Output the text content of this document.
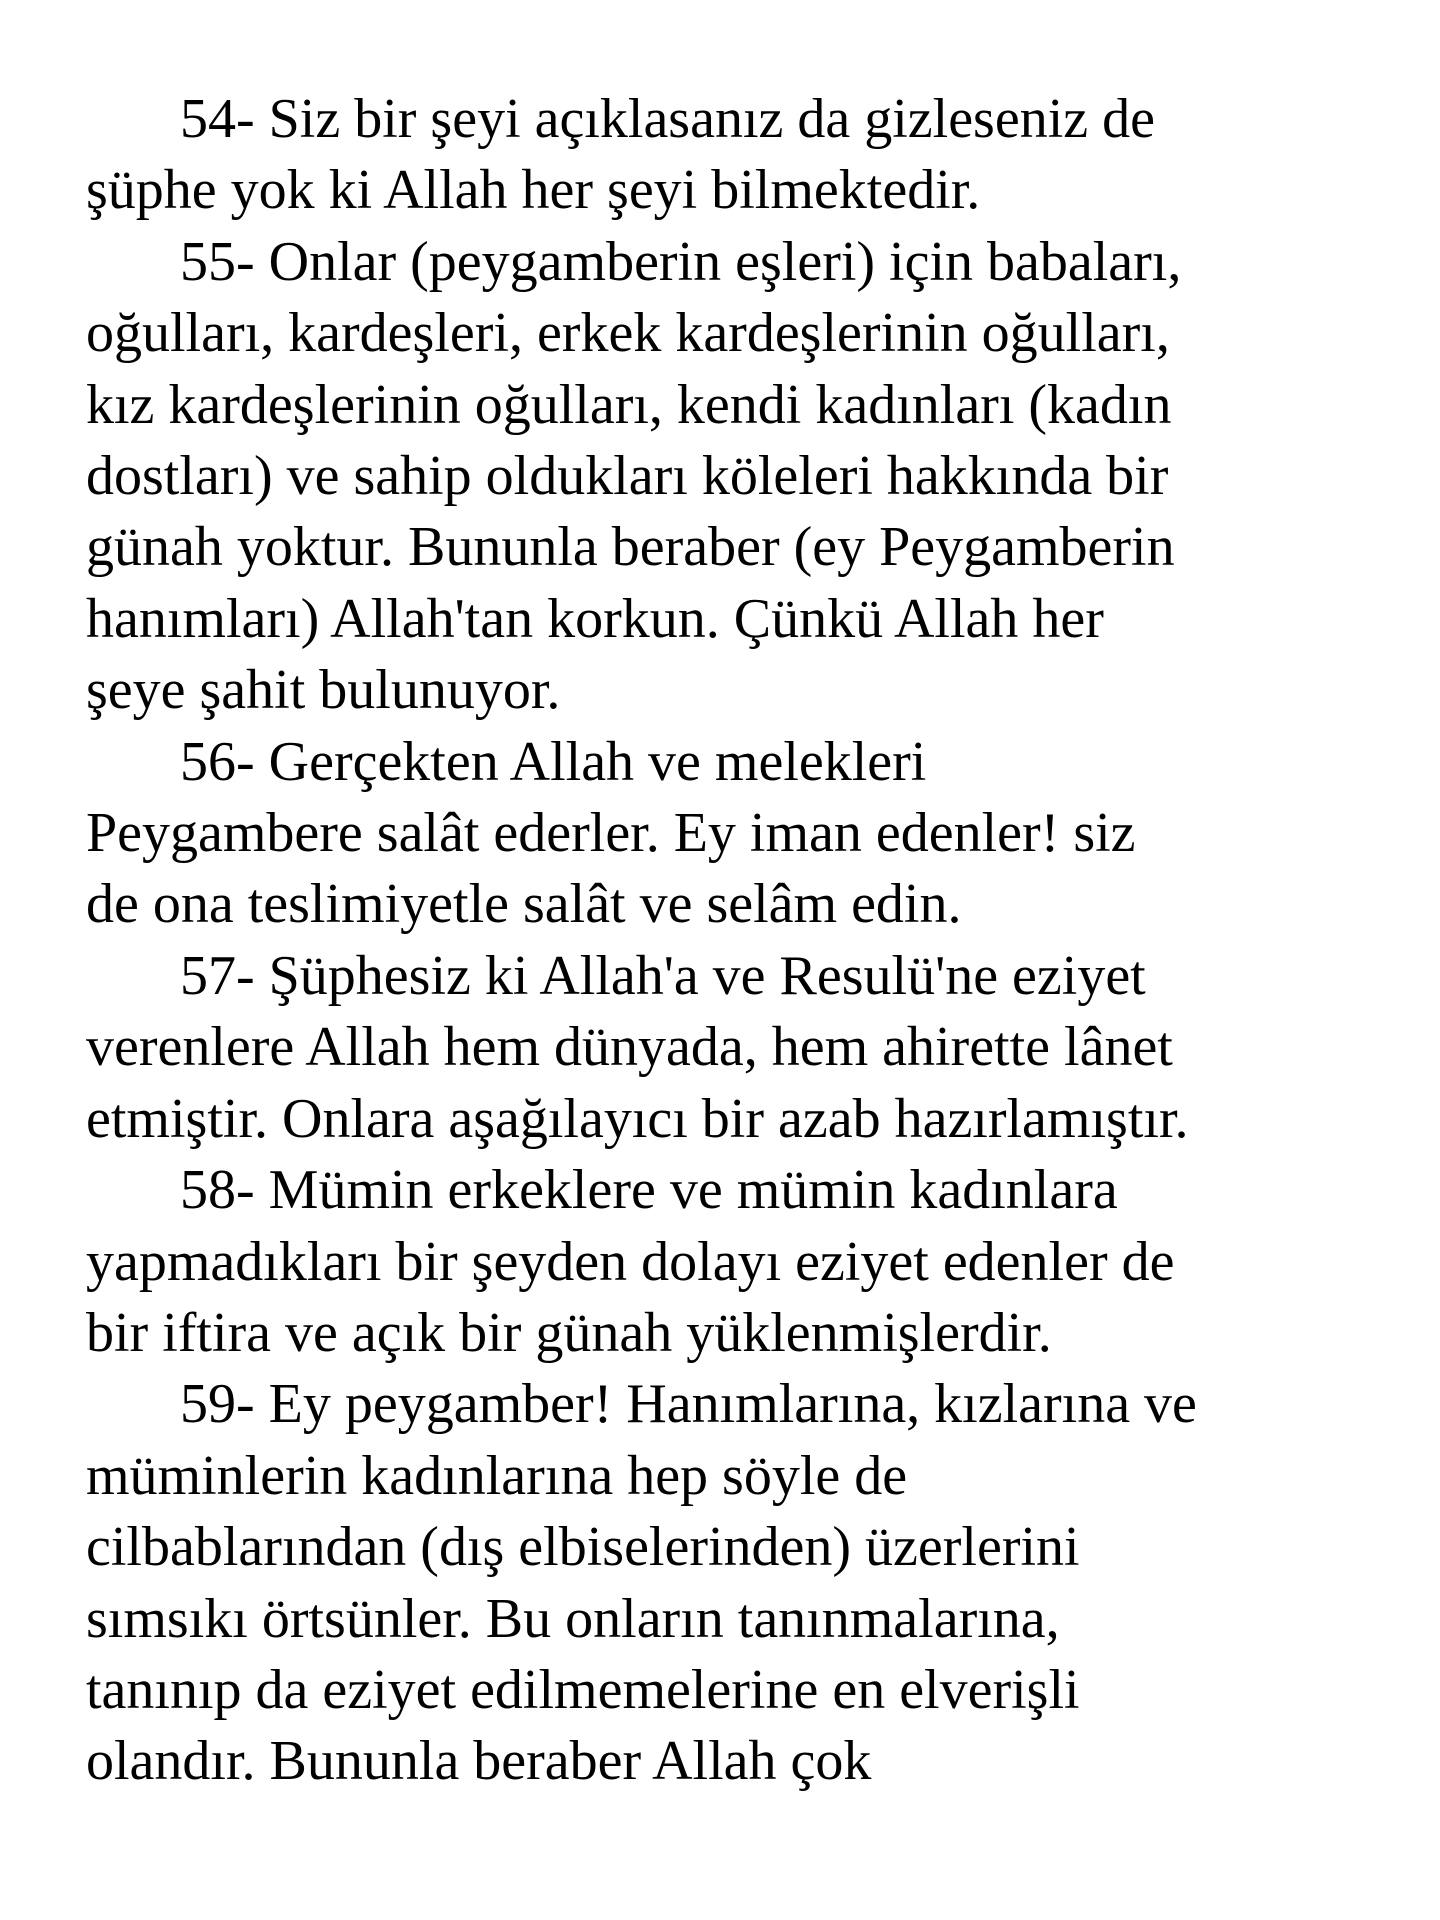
54- Siz bir şeyi açıklasanız da gizleseniz de
şüphe yok ki Allah her şeyi bilmektedir.
55- Onlar (peygamberin eşleri) için babaları,
oğulları, kardeşleri, erkek kardeşlerinin oğulları,
kız kardeşlerinin oğulları, kendi kadınları (kadın
dostları) ve sahip oldukları köleleri hakkında bir
günah yoktur. Bununla beraber (ey Peygamberin
hanımları) Allah'tan korkun. Çünkü Allah her
şeye şahit bulunuyor.
56- Gerçekten Allah ve melekleri
Peygambere salât ederler. Ey iman edenler! siz
de ona teslimiyetle salât ve selâm edin.
57- Şüphesiz ki Allah'a ve Resulü'ne eziyet
verenlere Allah hem dünyada, hem ahirette lânet
etmiştir. Onlara aşağılayıcı bir azab hazırlamıştır.
58- Mümin erkeklere ve mümin kadınlara
yapmadıkları bir şeyden dolayı eziyet edenler de
bir iftira ve açık bir günah yüklenmişlerdir.
59- Ey peygamber! Hanımlarına, kızlarına ve
müminlerin kadınlarına hep söyle de
cilbablarından (dış elbiselerinden) üzerlerini
sımsıkı örtsünler. Bu onların tanınmalarına,
tanınıp da eziyet edilmemelerine en elverişli
olandır. Bununla beraber Allah çok
